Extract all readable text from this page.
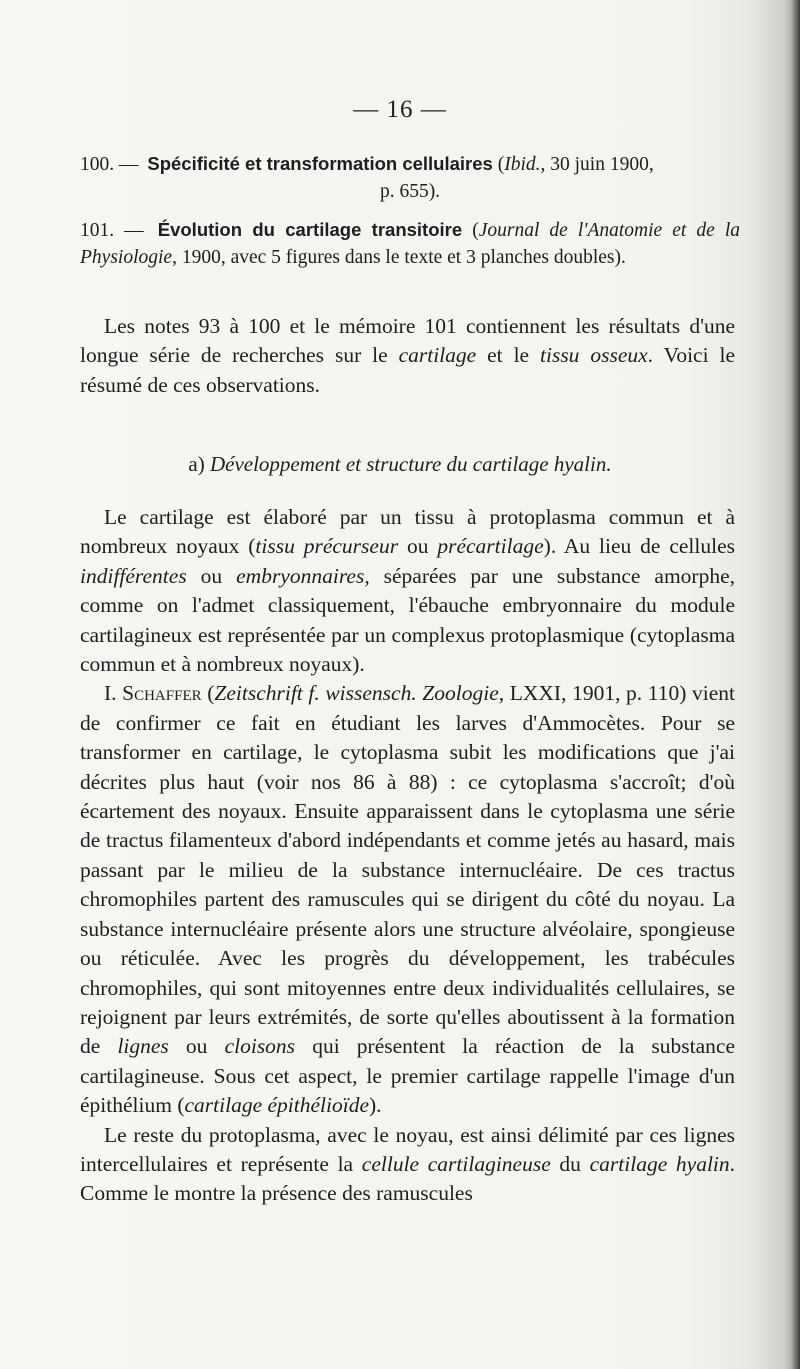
— 16 —
100. — Spécificité et transformation cellulaires (Ibid., 30 juin 1900,
p. 655).
101. — Évolution du cartilage transitoire (Journal de l'Anatomie et de la Physiologie, 1900, avec 5 figures dans le texte et 3 planches doubles).

Les notes 93 à 100 et le mémoire 101 contiennent les résultats d'une longue série de recherches sur le cartilage et le tissu osseux. Voici le résumé de ces observations.

a) Développement et structure du cartilage hyalin.

Le cartilage est élaboré par un tissu à protoplasma commun et à nombreux noyaux (tissu précurseur ou précartilage). Au lieu de cellules indifférentes ou embryonnaires, séparées par une substance amorphe, comme on l'admet classiquement, l'ébauche embryonnaire du module cartilagineux est représentée par un complexus protoplasmique (cytoplasma commun et à nombreux noyaux).

I. Schaffer (Zeitschrift f. wissensch. Zoologie, LXXI, 1901, p. 110) vient de confirmer ce fait en étudiant les larves d'Ammocètes. Pour se transformer en cartilage, le cytoplasma subit les modifications que j'ai décrites plus haut (voir nos 86 à 88) : ce cytoplasma s'accroît; d'où écartement des noyaux. Ensuite apparaissent dans le cytoplasma une série de tractus filamenteux d'abord indépendants et comme jetés au hasard, mais passant par le milieu de la substance internucléaire. De ces tractus chromophiles partent des ramuscules qui se dirigent du côté du noyau. La substance internucléaire présente alors une structure alvéolaire, spongieuse ou réticulée. Avec les progrès du développement, les trabécules chromophiles, qui sont mitoyennes entre deux individualités cellulaires, se rejoignent par leurs extrémités, de sorte qu'elles aboutissent à la formation de lignes ou cloisons qui présentent la réaction de la substance cartilagineuse. Sous cet aspect, le premier cartilage rappelle l'image d'un épithélium (cartilage épithélioïde).

Le reste du protoplasma, avec le noyau, est ainsi délimité par ces lignes intercellulaires et représente la cellule cartilagineuse du cartilage hyalin. Comme le montre la présence des ramuscules
